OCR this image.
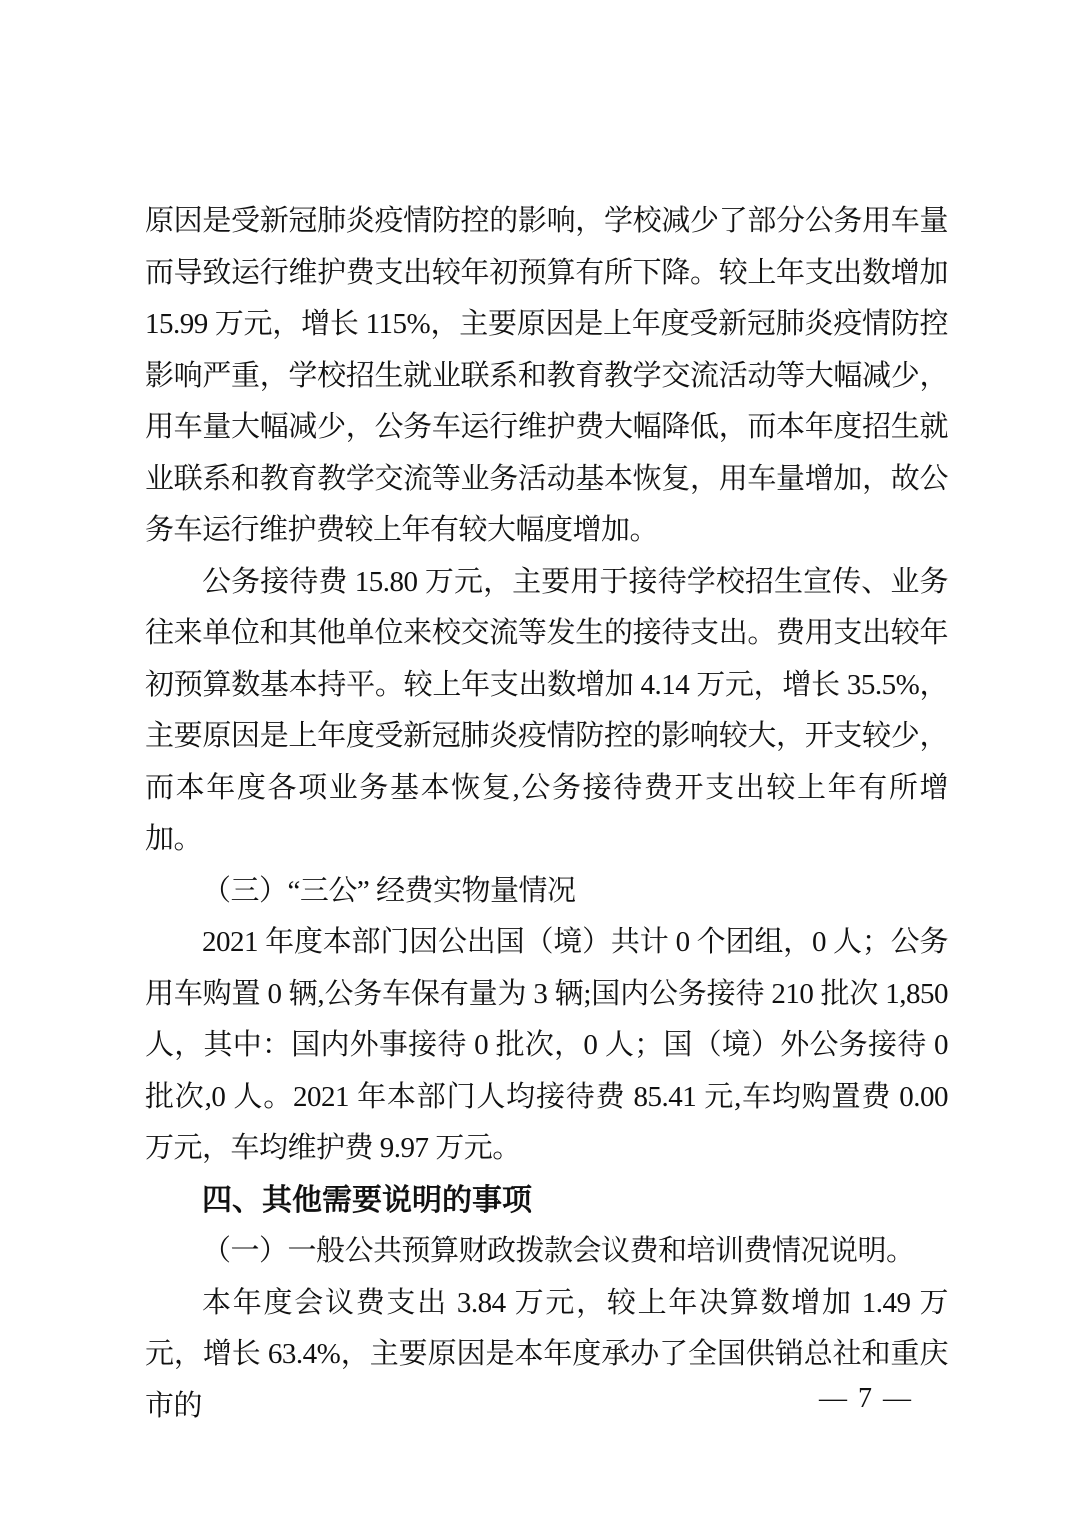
原因是受新冠肺炎疫情防控的影响，学校减少了部分公务用车量而导致运行维护费支出较年初预算有所下降。较上年支出数增加 15.99 万元，增长 115%，主要原因是上年度受新冠肺炎疫情防控影响严重，学校招生就业联系和教育教学交流活动等大幅减少，用车量大幅减少，公务车运行维护费大幅降低，而本年度招生就业联系和教育教学交流等业务活动基本恢复，用车量增加，故公务车运行维护费较上年有较大幅度增加。

公务接待费 15.80 万元，主要用于接待学校招生宣传、业务往来单位和其他单位来校交流等发生的接待支出。费用支出较年初预算数基本持平。较上年支出数增加 4.14 万元，增长 35.5%，主要原因是上年度受新冠肺炎疫情防控的影响较大，开支较少，而本年度各项业务基本恢复,公务接待费开支出较上年有所增加。

（三）“三公” 经费实物量情况

2021 年度本部门因公出国（境）共计 0 个团组，0 人；公务用车购置 0 辆,公务车保有量为 3 辆;国内公务接待 210 批次 1,850 人，其中：国内外事接待 0 批次，0 人；国（境）外公务接待 0 批次,0 人。2021 年本部门人均接待费 85.41 元,车均购置费 0.00 万元，车均维护费 9.97 万元。

四、其他需要说明的事项

（一）一般公共预算财政拨款会议费和培训费情况说明。

本年度会议费支出 3.84 万元，较上年决算数增加 1.49 万元，增长 63.4%，主要原因是本年度承办了全国供销总社和重庆市的	— 7 —
